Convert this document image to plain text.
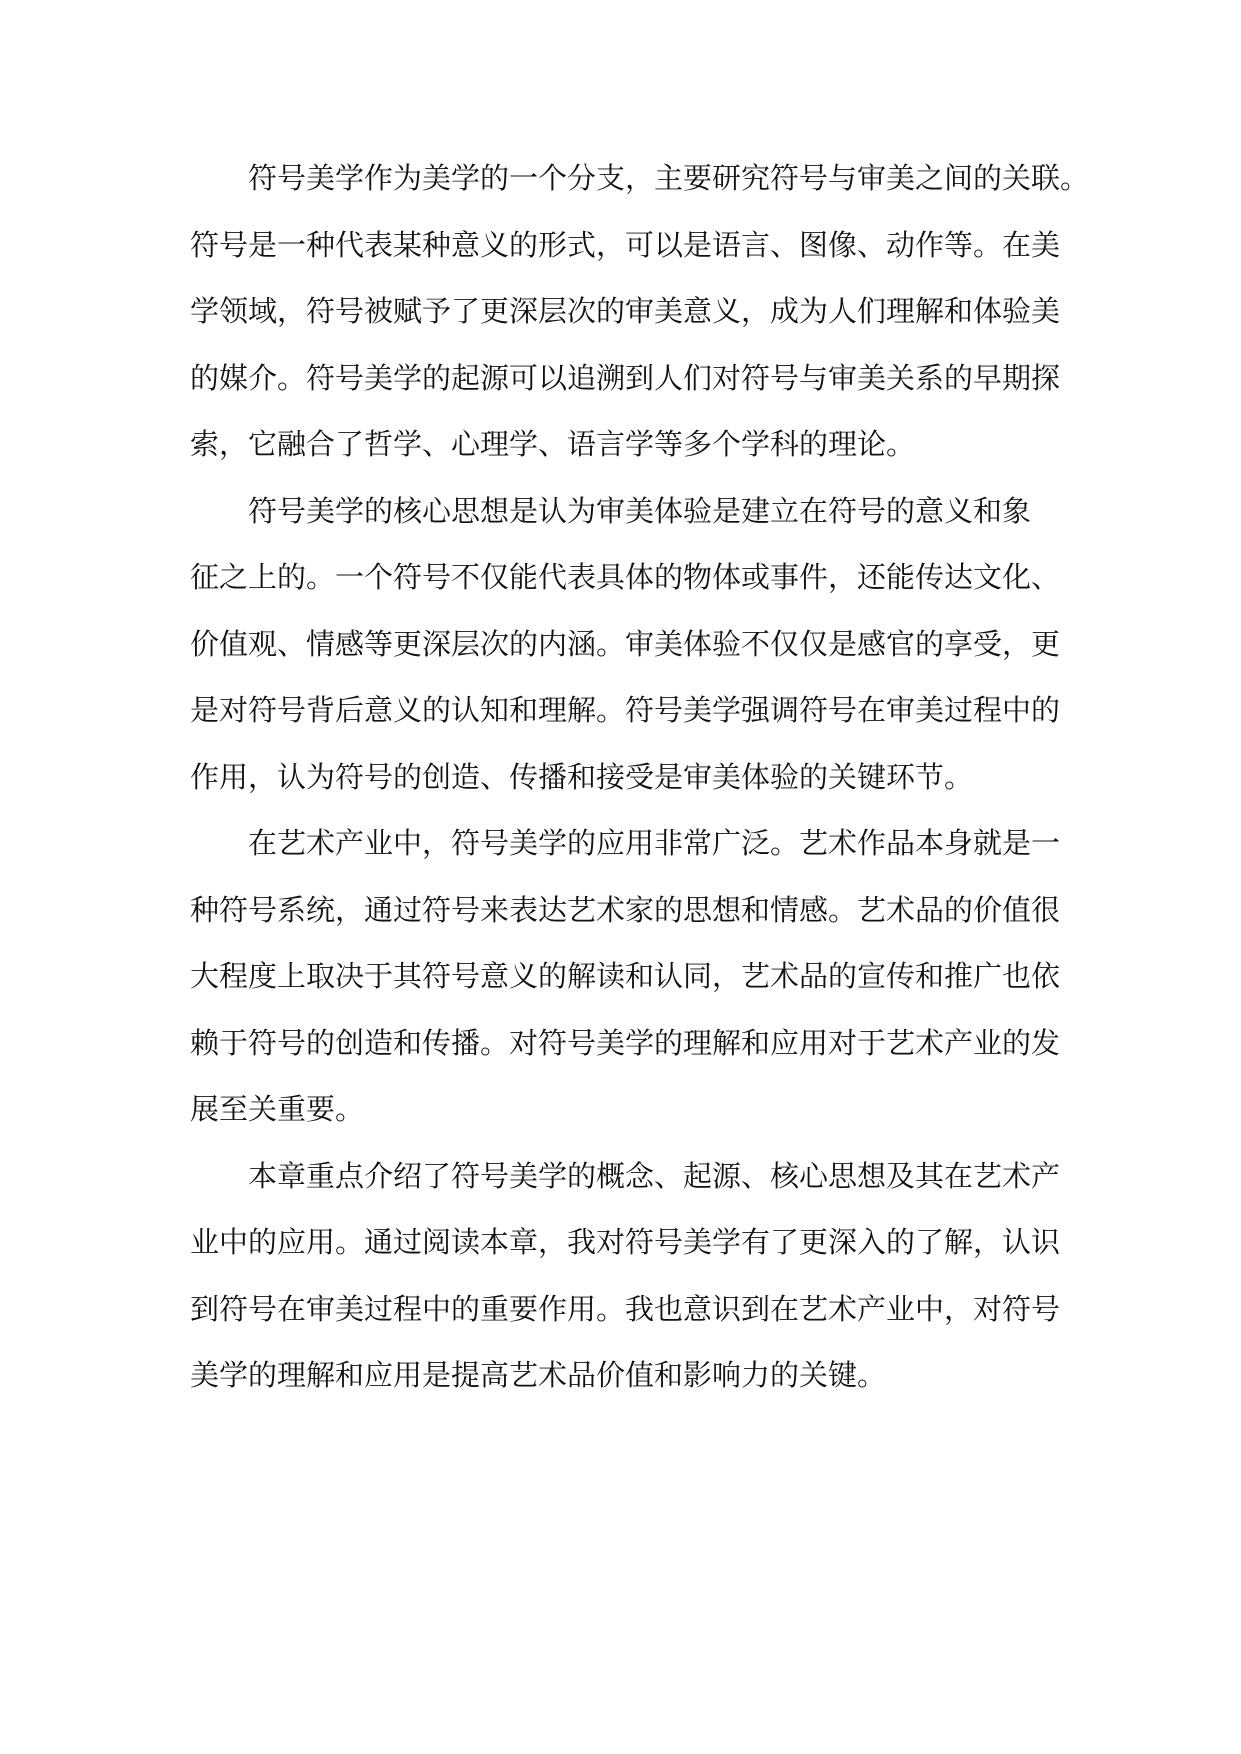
符号美学作为美学的一个分支，主要研究符号与审美之间的关联。
符号是一种代表某种意义的形式，可以是语言、图像、动作等。在美
学领域，符号被赋予了更深层次的审美意义，成为人们理解和体验美
的媒介。符号美学的起源可以追溯到人们对符号与审美关系的早期探
索，它融合了哲学、心理学、语言学等多个学科的理论。
符号美学的核心思想是认为审美体验是建立在符号的意义和象
征之上的。一个符号不仅能代表具体的物体或事件，还能传达文化、
价值观、情感等更深层次的内涵。审美体验不仅仅是感官的享受，更
是对符号背后意义的认知和理解。符号美学强调符号在审美过程中的
作用，认为符号的创造、传播和接受是审美体验的关键环节。
在艺术产业中，符号美学的应用非常广泛。艺术作品本身就是一
种符号系统，通过符号来表达艺术家的思想和情感。艺术品的价值很
大程度上取决于其符号意义的解读和认同，艺术品的宣传和推广也依
赖于符号的创造和传播。对符号美学的理解和应用对于艺术产业的发
展至关重要。
本章重点介绍了符号美学的概念、起源、核心思想及其在艺术产
业中的应用。通过阅读本章，我对符号美学有了更深入的了解，认识
到符号在审美过程中的重要作用。我也意识到在艺术产业中，对符号
美学的理解和应用是提高艺术品价值和影响力的关键。
